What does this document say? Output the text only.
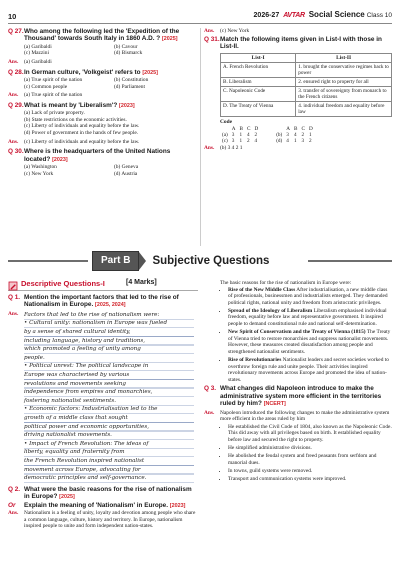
10	2026-27 AVTAR Social Science Class 10
Q 27. Who among the following led the 'Expedition of the Thousand' towards South Italy in 1860 A.D. ? [2025]
(a) Garibaldi	(b) Cavour
(c) Mazzini	(d) Bismarck
Ans.	(a) Garibaldi
Q 28. In German culture, 'Volkgeist' refers to [2025]
(a) True spirit of the nation	(b) Constitution
(c) Common people	(d) Parliament
Ans.	(a) True spirit of the nation
Q 29. What is meant by 'Liberalism'? [2023]
(a) Lack of private property.
(b) State restrictions on the economic activities.
(c) Liberty of individuals and equality before the law.
(d) Power of government in the hands of few people.
Ans.	(c) Liberty of individuals and equality before the law.
Q 30. Where is the headquarters of the United Nations located? [2023]
(a) Washington	(b) Geneva
(c) New York	(d) Austria
Ans.	(c) New York
Q 31. Match the following items given in List-I with those in List-II.
List-I	List-II
A. French Revolution	1. brought the conservative regimes back to power
B. Liberalism	2. ensured right to property for all
C. Napoleonic Code	3. transfer of sovereignty from monarch to the French citizens
D. The Treaty of Vienna	4. individual freedom and equality before law
Code
	A	B	C	D
(a)	3	1	4	2
(c)	3	1	2	4
	A	B	C	D
(b)	3	4	2	1
(d)	4	1	3	2
Ans.	(b) 3 4 2 1
Part B	Subjective Questions
Descriptive Questions-I	[4 Marks]
Q 1. Mention the important factors that led to the rise of Nationalism in Europe. [2025, 2024]
Ans.	Factors that led to the rise of nationalism were:
• Cultural unity: nationalism in Europe was fueled
by a sense of shared cultural identity,
including language, history and traditions,
which promoted a feeling of unity among
people.
• Political unrest: The political landscape in
Europe was characterised by various
revolutions and movements seeking
independence from empires and monarchies,
fostering nationalist sentiments.
• Economic factors: Industrialisation led to the
growth of a middle class that sought
political power and economic opportunities,
driving nationalist movements.
• Impact of French Revolution: The ideas of
liberty, equality and fraternity from
the French Revolution inspired nationalist
movement across Europe, advocating for
democratic principles and self-governance.
Q 2. What were the basic reasons for the rise of nationalism in Europe? [2025]
Or	Explain the meaning of 'Nationalism' in Europe. [2023]
Ans.	Nationalism is a feeling of unity, loyalty and devotion among people who share a common language, culture, history and territory. In Europe, nationalism inspired people to unite and form independent nation-states.
The basic reasons for the rise of nationalism in Europe were:
• Rise of the New Middle Class After industrialisation, a new middle class of professionals, businessmen and industrialists emerged. They demanded political rights, national unity and freedom from aristocratic privileges.
• Spread of the Ideology of Liberalism Liberalism emphasised individual freedom, equality before law and representative government. It inspired people to demand constitutional rule and national self-determination.
• New Spirit of Conservatism and the Treaty of Vienna (1815) The Treaty of Vienna tried to restore monarchies and suppress nationalist movements. However, these measures created dissatisfaction among people and strengthened nationalist sentiments.
• Rise of Revolutionaries Nationalist leaders and secret societies worked to overthrow foreign rule and unite people. Their activities inspired revolutionary movements across Europe and promoted the idea of nation-states.
Q 3. What changes did Napoleon introduce to make the administrative system more efficient in the territories ruled by him? [NCERT]
Ans.	Napoleon introduced the following changes to make the administrative system more efficient in the areas ruled by him
• He established the Civil Code of 1804, also known as the Napoleonic Code. This did away with all privileges based on birth. It established equality before law and secured the right to property.
• He simplified administrative divisions.
• He abolished the feudal system and freed peasants from serfdom and manorial dues.
• In towns, guild systems were removed.
• Transport and communication systems were improved.
